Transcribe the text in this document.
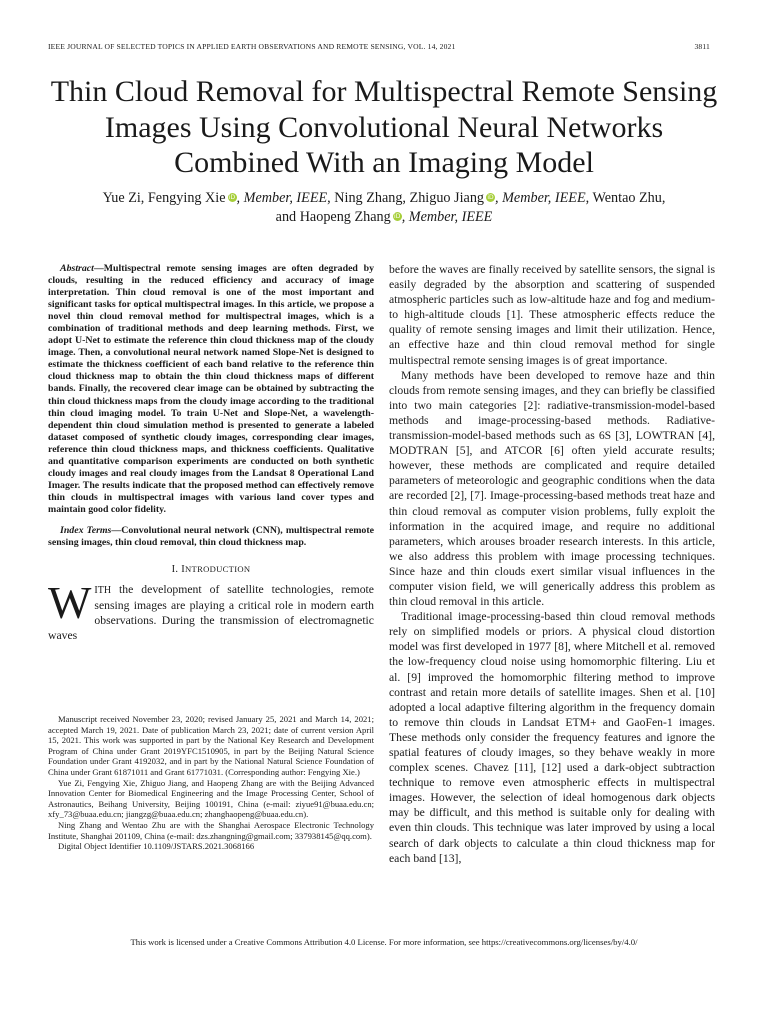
IEEE JOURNAL OF SELECTED TOPICS IN APPLIED EARTH OBSERVATIONS AND REMOTE SENSING, VOL. 14, 2021	3811
Thin Cloud Removal for Multispectral Remote Sensing Images Using Convolutional Neural Networks Combined With an Imaging Model
Yue Zi, Fengying Xie iD, Member, IEEE, Ning Zhang, Zhiguo Jiang iD, Member, IEEE, Wentao Zhu,
and Haopeng Zhang iD, Member, IEEE

Abstract—Multispectral remote sensing images are often degraded by clouds, resulting in the reduced efficiency and accuracy of image interpretation. Thin cloud removal is one of the most important and significant tasks for optical multispectral images. In this article, we propose a novel thin cloud removal method for multispectral images, which is a combination of traditional methods and deep learning methods. First, we adopt U-Net to estimate the reference thin cloud thickness map of the cloudy image. Then, a convolutional neural network named Slope-Net is designed to estimate the thickness coefficient of each band relative to the reference thin cloud thickness map to obtain the thin cloud thickness maps of different bands. Finally, the recovered clear image can be obtained by subtracting the thin cloud thickness maps from the cloudy image according to the traditional thin cloud imaging model. To train U-Net and Slope-Net, a wavelength-dependent thin cloud simulation method is presented to generate a labeled dataset composed of synthetic cloudy images, corresponding clear images, reference thin cloud thickness maps, and thickness coefficients. Qualitative and quantitative comparison experiments are conducted on both synthetic cloudy images and real cloudy images from the Landsat 8 Operational Land Imager. The results indicate that the proposed method can effectively remove thin clouds in multispectral images with various land cover types and maintain good color fidelity.

Index Terms—Convolutional neural network (CNN), multispectral remote sensing images, thin cloud removal, thin cloud thickness map.

I. INTRODUCTION

WITH the development of satellite technologies, remote sensing images are playing a critical role in modern earth observations. During the transmission of electromagnetic waves

Manuscript received November 23, 2020; revised January 25, 2021 and March 14, 2021; accepted March 19, 2021. Date of publication March 23, 2021; date of current version April 15, 2021. This work was supported in part by the National Key Research and Development Program of China under Grant 2019YFC1510905, in part by the Beijing Natural Science Foundation under Grant 4192032, and in part by the National Natural Science Foundation of China under Grant 61871011 and Grant 61771031. (Corresponding author: Fengying Xie.)

Yue Zi, Fengying Xie, Zhiguo Jiang, and Haopeng Zhang are with the Beijing Advanced Innovation Center for Biomedical Engineering and the Image Processing Center, School of Astronautics, Beihang University, Beijing 100191, China (e-mail: ziyue91@buaa.edu.cn; xfy_73@buaa.edu.cn; jiangzg@buaa.edu.cn; zhanghaopeng@buaa.edu.cn).

Ning Zhang and Wentao Zhu are with the Shanghai Aerospace Electronic Technology Institute, Shanghai 201109, China (e-mail: dzs.zhangning@gmail.com; 337938145@qq.com).

Digital Object Identifier 10.1109/JSTARS.2021.3068166

before the waves are finally received by satellite sensors, the signal is easily degraded by the absorption and scattering of suspended atmospheric particles such as low-altitude haze and fog and medium- to high-altitude clouds [1]. These atmospheric effects reduce the quality of remote sensing images and limit their utilization. Hence, an effective haze and thin cloud removal method for single multispectral remote sensing images is of great importance.

Many methods have been developed to remove haze and thin clouds from remote sensing images, and they can briefly be classified into two main categories [2]: radiative-transmission-model-based methods and image-processing-based methods. Radiative-transmission-model-based methods such as 6S [3], LOWTRAN [4], MODTRAN [5], and ATCOR [6] often yield accurate results; however, these methods are complicated and require detailed parameters of meteorologic and geographic conditions when the data are recorded [2], [7]. Image-processing-based methods treat haze and thin cloud removal as computer vision problems, fully exploit the information in the acquired image, and require no additional parameters, which arouses broader research interests. In this article, we also address this problem with image processing techniques. Since haze and thin clouds exert similar visual influences in the computer vision field, we will generically address this problem as thin cloud removal in this article.

Traditional image-processing-based thin cloud removal methods rely on simplified models or priors. A physical cloud distortion model was first developed in 1977 [8], where Mitchell et al. removed the low-frequency cloud noise using homomorphic filtering. Liu et al. [9] improved the homomorphic filtering method to improve contrast and retain more details of satellite images. Shen et al. [10] adopted a local adaptive filtering algorithm in the frequency domain to remove thin clouds in Landsat ETM+ and GaoFen-1 images. These methods only consider the frequency features and ignore the spatial features of cloudy images, so they behave weakly in more complex scenes. Chavez [11], [12] used a dark-object subtraction technique to remove even atmospheric effects in multispectral images. However, the selection of ideal homogenous dark objects may be difficult, and this method is suitable only for dealing with even thin clouds. This technique was later improved by using a local search of dark objects to calculate a thin cloud thickness map for each band [13],

This work is licensed under a Creative Commons Attribution 4.0 License. For more information, see https://creativecommons.org/licenses/by/4.0/
